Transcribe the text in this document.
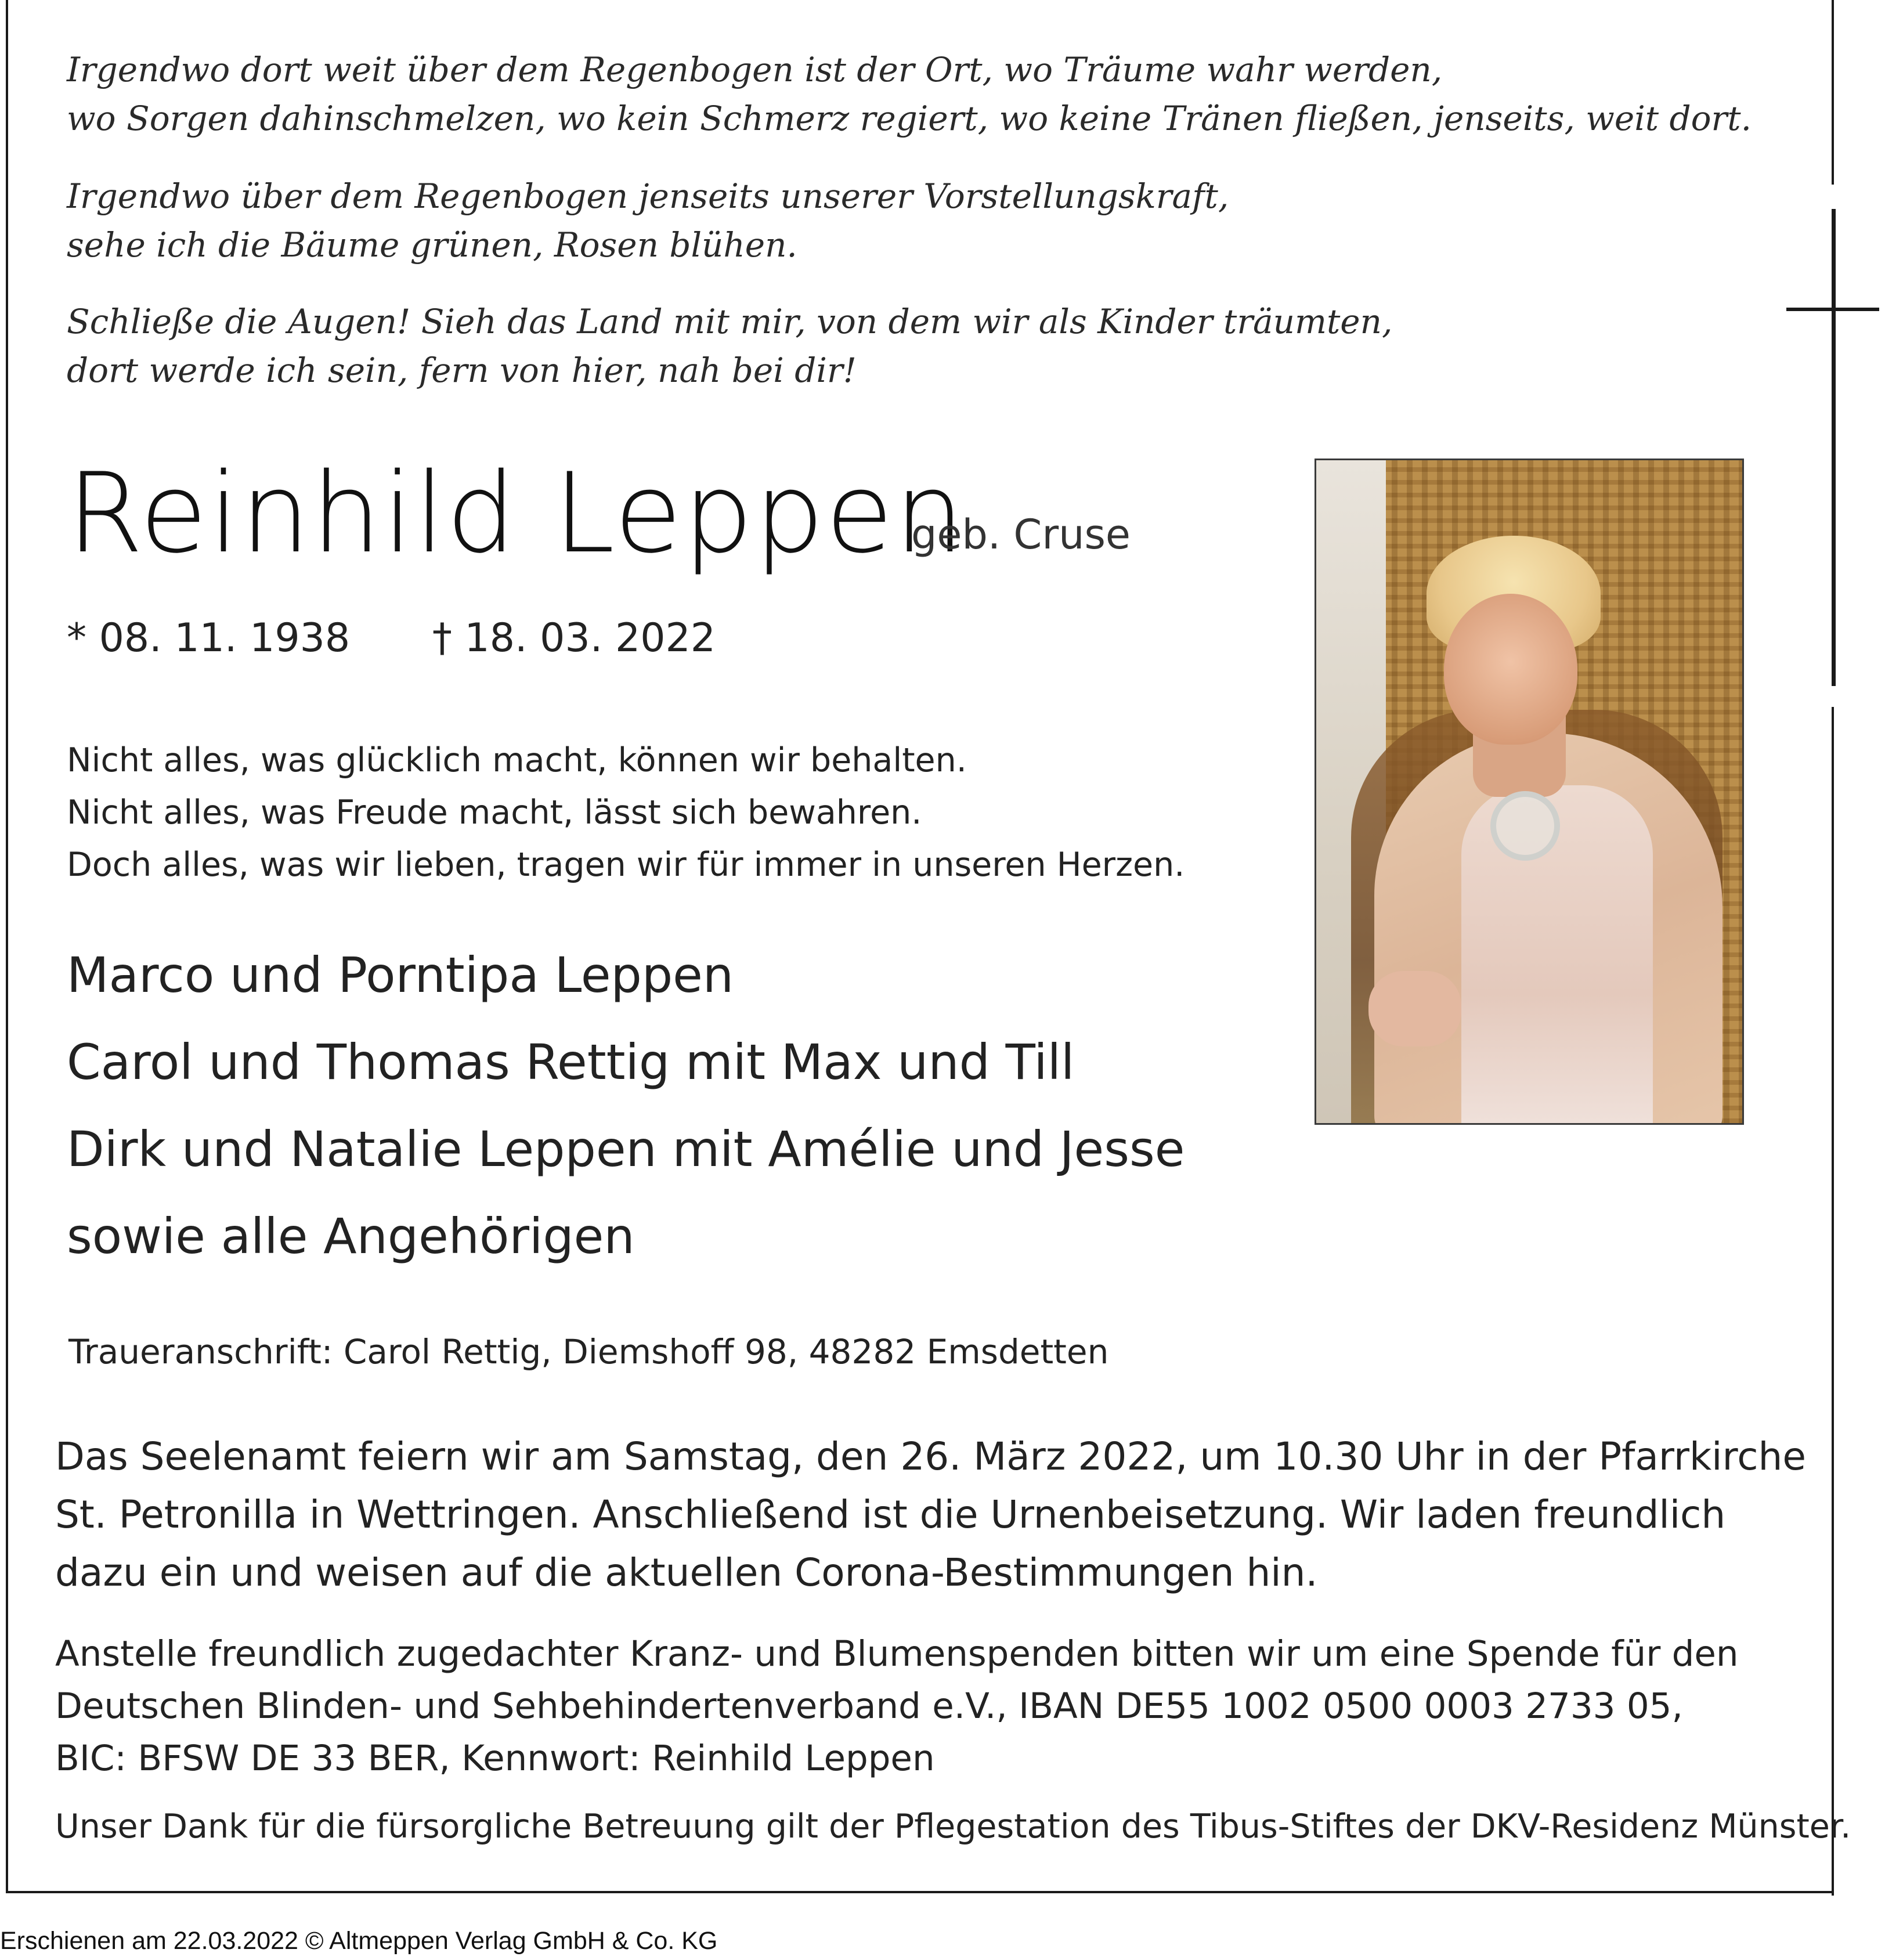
Irgendwo dort weit über dem Regenbogen ist der Ort, wo Träume wahr werden,
wo Sorgen dahinschmelzen, wo kein Schmerz regiert, wo keine Tränen fließen, jenseits, weit dort.
Irgendwo über dem Regenbogen jenseits unserer Vorstellungskraft,
sehe ich die Bäume grünen, Rosen blühen.
Schließe die Augen! Sieh das Land mit mir, von dem wir als Kinder träumten,
dort werde ich sein, fern von hier, nah bei dir!
Reinhild Leppen
geb. Cruse
* 08. 11. 1938 † 18. 03. 2022
Nicht alles, was glücklich macht, können wir behalten.
Nicht alles, was Freude macht, lässt sich bewahren.
Doch alles, was wir lieben, tragen wir für immer in unseren Herzen.
Marco und Porntipa Leppen
Carol und Thomas Rettig mit Max und Till
Dirk und Natalie Leppen mit Amélie und Jesse
sowie alle Angehörigen
Traueranschrift: Carol Rettig, Diemshoff 98, 48282 Emsdetten
Das Seelenamt feiern wir am Samstag, den 26. März 2022, um 10.30 Uhr in der Pfarrkirche
St. Petronilla in Wettringen. Anschließend ist die Urnenbeisetzung. Wir laden freundlich
dazu ein und weisen auf die aktuellen Corona-Bestimmungen hin.
Anstelle freundlich zugedachter Kranz- und Blumenspenden bitten wir um eine Spende für den
Deutschen Blinden- und Sehbehindertenverband e.V., IBAN DE55 1002 0500 0003 2733 05,
BIC: BFSW DE 33 BER, Kennwort: Reinhild Leppen
Unser Dank für die fürsorgliche Betreuung gilt der Pflegestation des Tibus-Stiftes der DKV-Residenz Münster.
Erschienen am 22.03.2022 © Altmeppen Verlag GmbH & Co. KG
